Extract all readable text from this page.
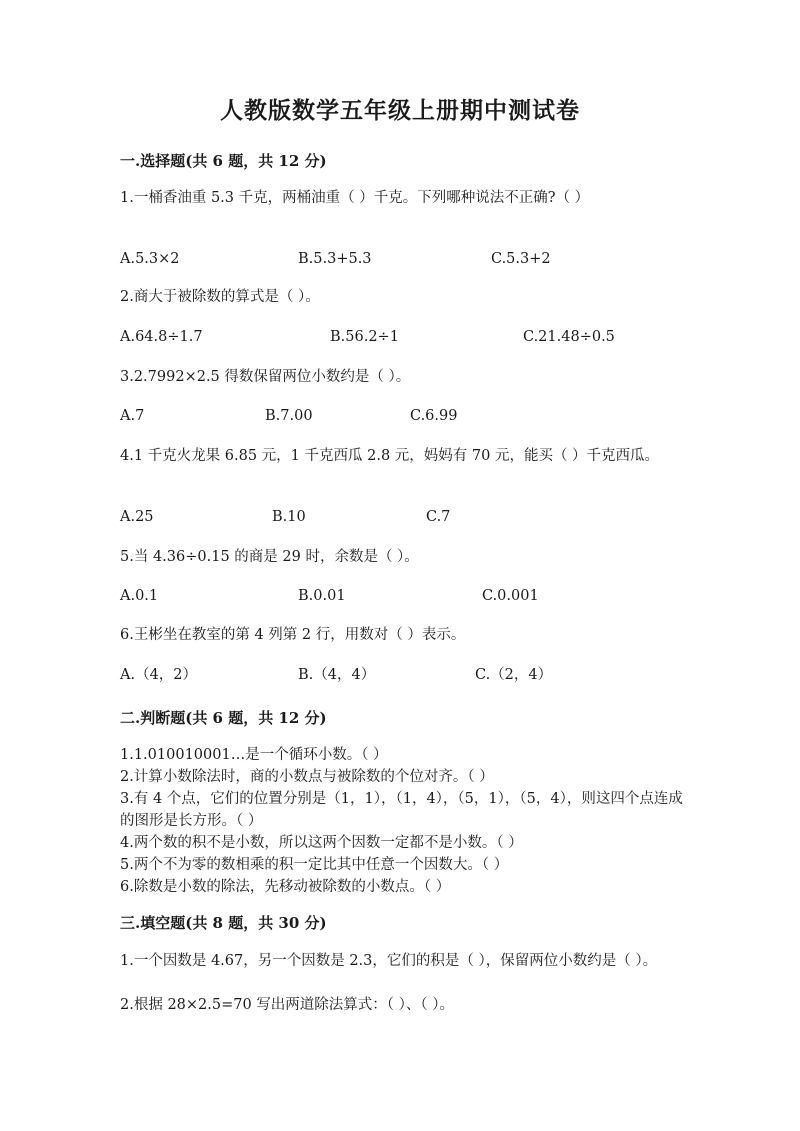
人教版数学五年级上册期中测试卷
一.选择题(共 6 题，共 12 分)
1.一桶香油重 5.3 千克，两桶油重（ ）千克。下列哪种说法不正确?（ ）
A.5.3×2	B.5.3+5.3	C.5.3+2
2.商大于被除数的算式是（ ）。
A.64.8÷1.7	B.56.2÷1	C.21.48÷0.5
3.2.7992×2.5 得数保留两位小数约是（ ）。
A.7	B.7.00	C.6.99
4.1 千克火龙果 6.85 元，1 千克西瓜 2.8 元，妈妈有 70 元，能买（ ）千克西瓜。
A.25	B.10	C.7
5.当 4.36÷0.15 的商是 29 时，余数是（ ）。
A.0.1	B.0.01	C.0.001
6.王彬坐在教室的第 4 列第 2 行，用数对（ ）表示。
A.（4，2）	B.（4，4）	C.（2，4）
二.判断题(共 6 题，共 12 分)
1.1.010010001…是一个循环小数。（ ）
2.计算小数除法时，商的小数点与被除数的个位对齐。（ ）
3.有 4 个点，它们的位置分别是（1，1），（1，4），（5，1），（5，4），则这四个点连成的图形是长方形。（ ）
4.两个数的积不是小数，所以这两个因数一定都不是小数。（ ）
5.两个不为零的数相乘的积一定比其中任意一个因数大。（ ）
6.除数是小数的除法，先移动被除数的小数点。（ ）
三.填空题(共 8 题，共 30 分)
1.一个因数是 4.67，另一个因数是 2.3，它们的积是（ ），保留两位小数约是（ ）。
2.根据 28×2.5=70 写出两道除法算式：（ ）、（ ）。
